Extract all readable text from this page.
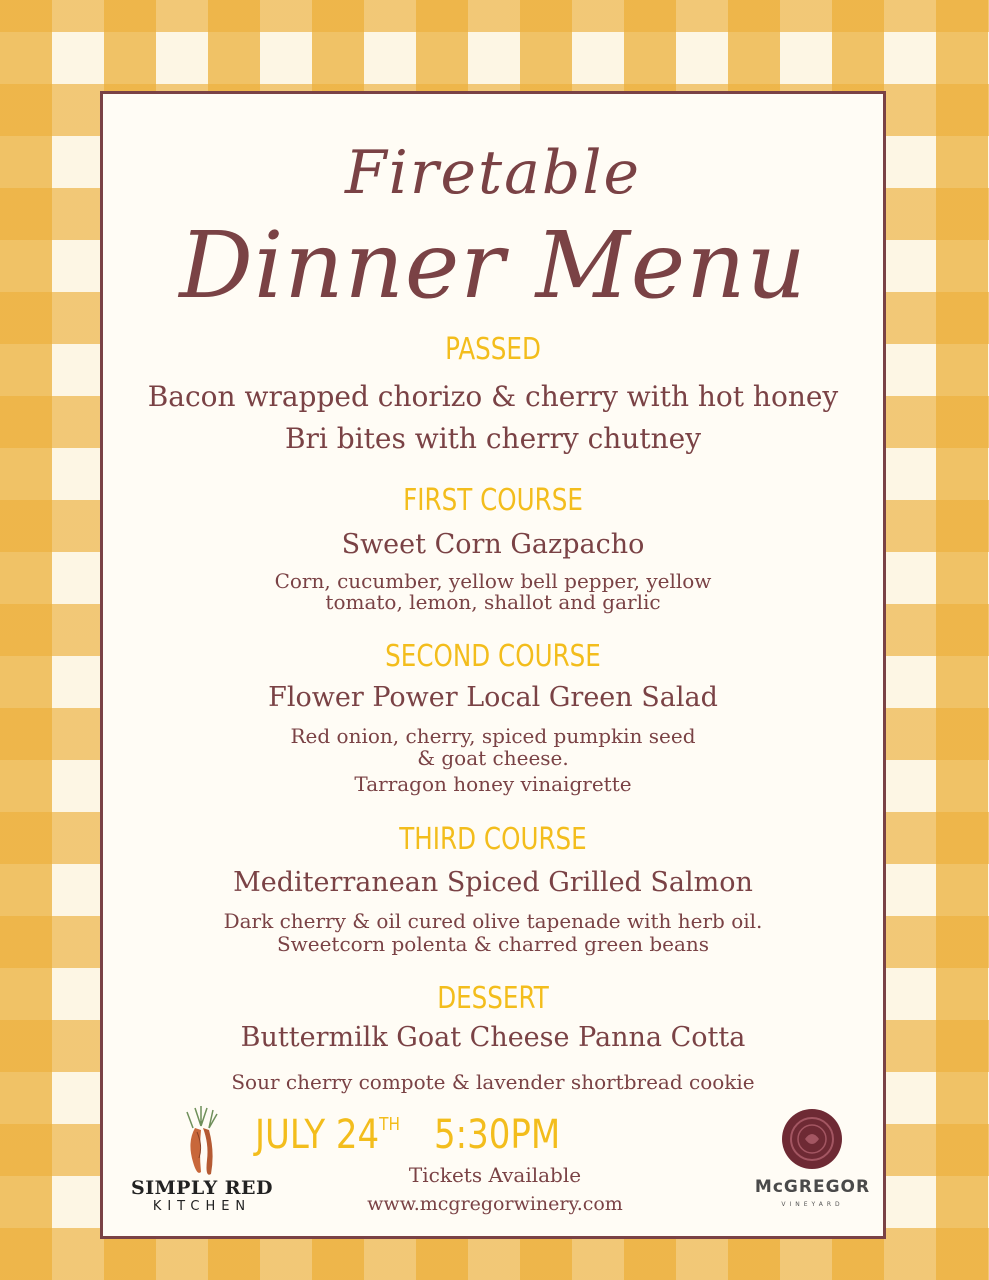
Firetable

Dinner Menu

PASSED

Bacon wrapped chorizo & cherry with hot honey

Bri bites with cherry chutney

FIRST COURSE

Sweet Corn Gazpacho

Corn, cucumber, yellow bell pepper, yellow

tomato, lemon, shallot and garlic

SECOND COURSE

Flower Power Local Green Salad

Red onion, cherry, spiced pumpkin seed

& goat cheese.

Tarragon honey vinaigrette

THIRD COURSE

Mediterranean Spiced Grilled Salmon

Dark cherry & oil cured olive tapenade with herb oil.

Sweetcorn polenta & charred green beans

DESSERT

Buttermilk Goat Cheese Panna Cotta

Sour cherry compote & lavender shortbread cookie

JULY 24TH 5:30PM

Tickets Available

www.mcgregorwinery.com

SIMPLY RED
KITCHEN
McGREGOR
VINEYARD
